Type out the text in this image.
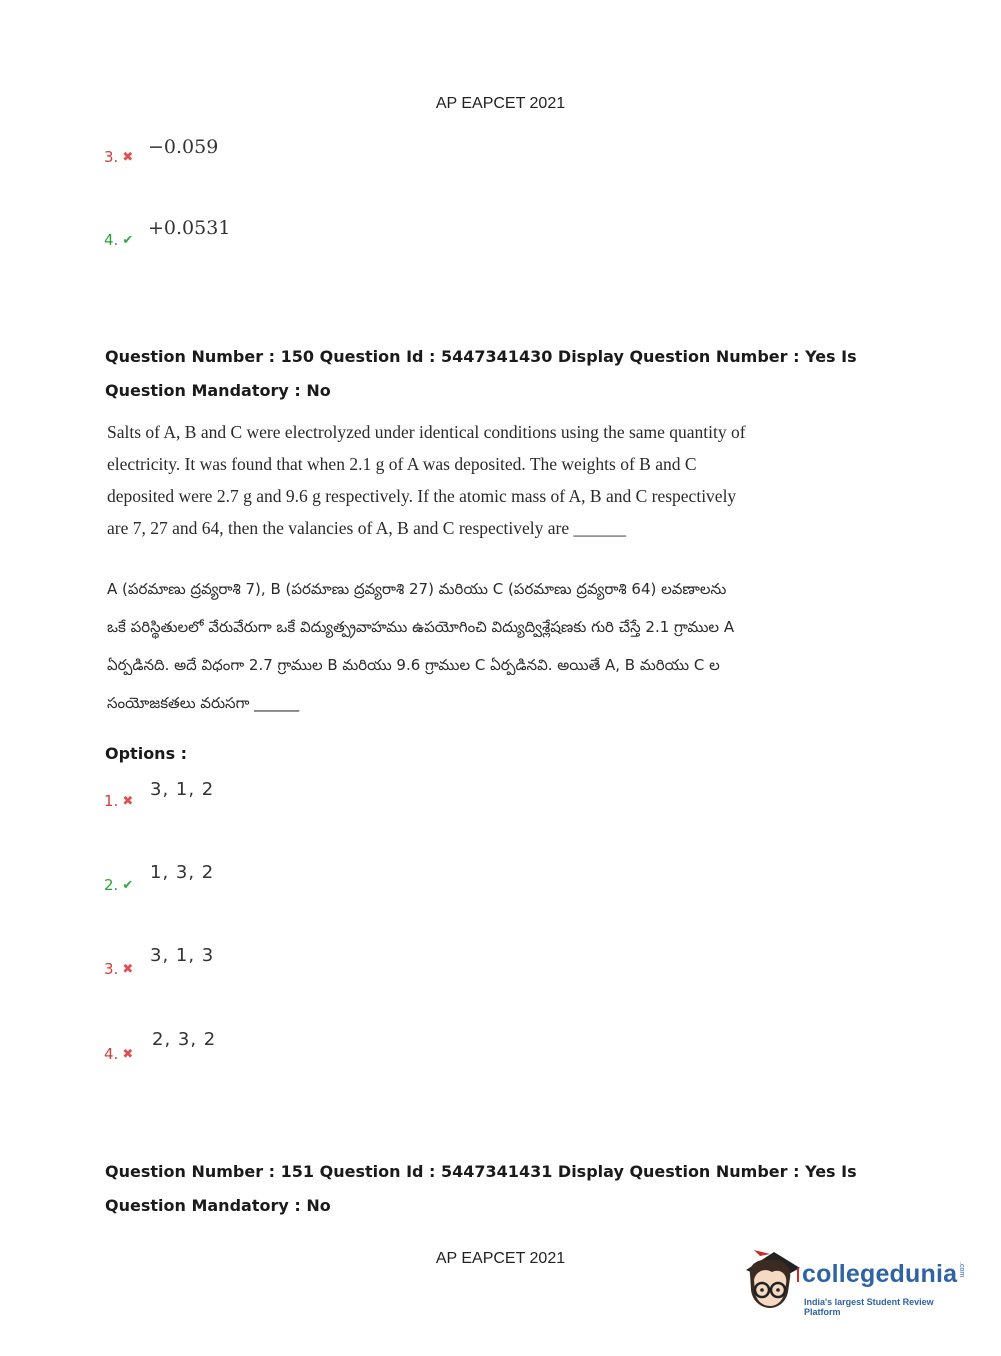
AP EAPCET 2021
3. ✖ −0.059
4. ✔
+0.0531
Question Number : 150 Question Id : 5447341430 Display Question Number : Yes Is Question Mandatory : No
Salts of A, B and C were electrolyzed under identical conditions using the same quantity of electricity. It was found that when 2.1 g of A was deposited. The weights of B and C deposited were 2.7 g and 9.6 g respectively. If the atomic mass of A, B and C respectively are 7, 27 and 64, then the valancies of A, B and C respectively are ______
A (పరమాణు ద్రవ్యరాశి 7), B (పరమాణు ద్రవ్యరాశి 27) మరియు C (పరమాణు ద్రవ్యరాశి 64) లవణాలను ఒకే పరిస్థితులలో వేరువేరుగా ఒకే విద్యుత్ప్రవాహము ఉపయోగించి విద్యుద్విశ్లేషణకు గురి చేస్తే 2.1 గ్రాముల A ఏర్పడినది. అదే విధంగా 2.7 గ్రాముల B మరియు 9.6 గ్రాముల C ఏర్పడినవి. అయితే A, B మరియు C ల సంయోజకతలు వరుసగా ______
Options :
1. ✖
3, 1, 2
2. ✔
1, 3, 2
3. ✖
3, 1, 3
4. ✖
2, 3, 2
Question Number : 151 Question Id : 5447341431 Display Question Number : Yes Is Question Mandatory : No
AP EAPCET 2021
collegedunia .com
India's largest Student Review Platform
